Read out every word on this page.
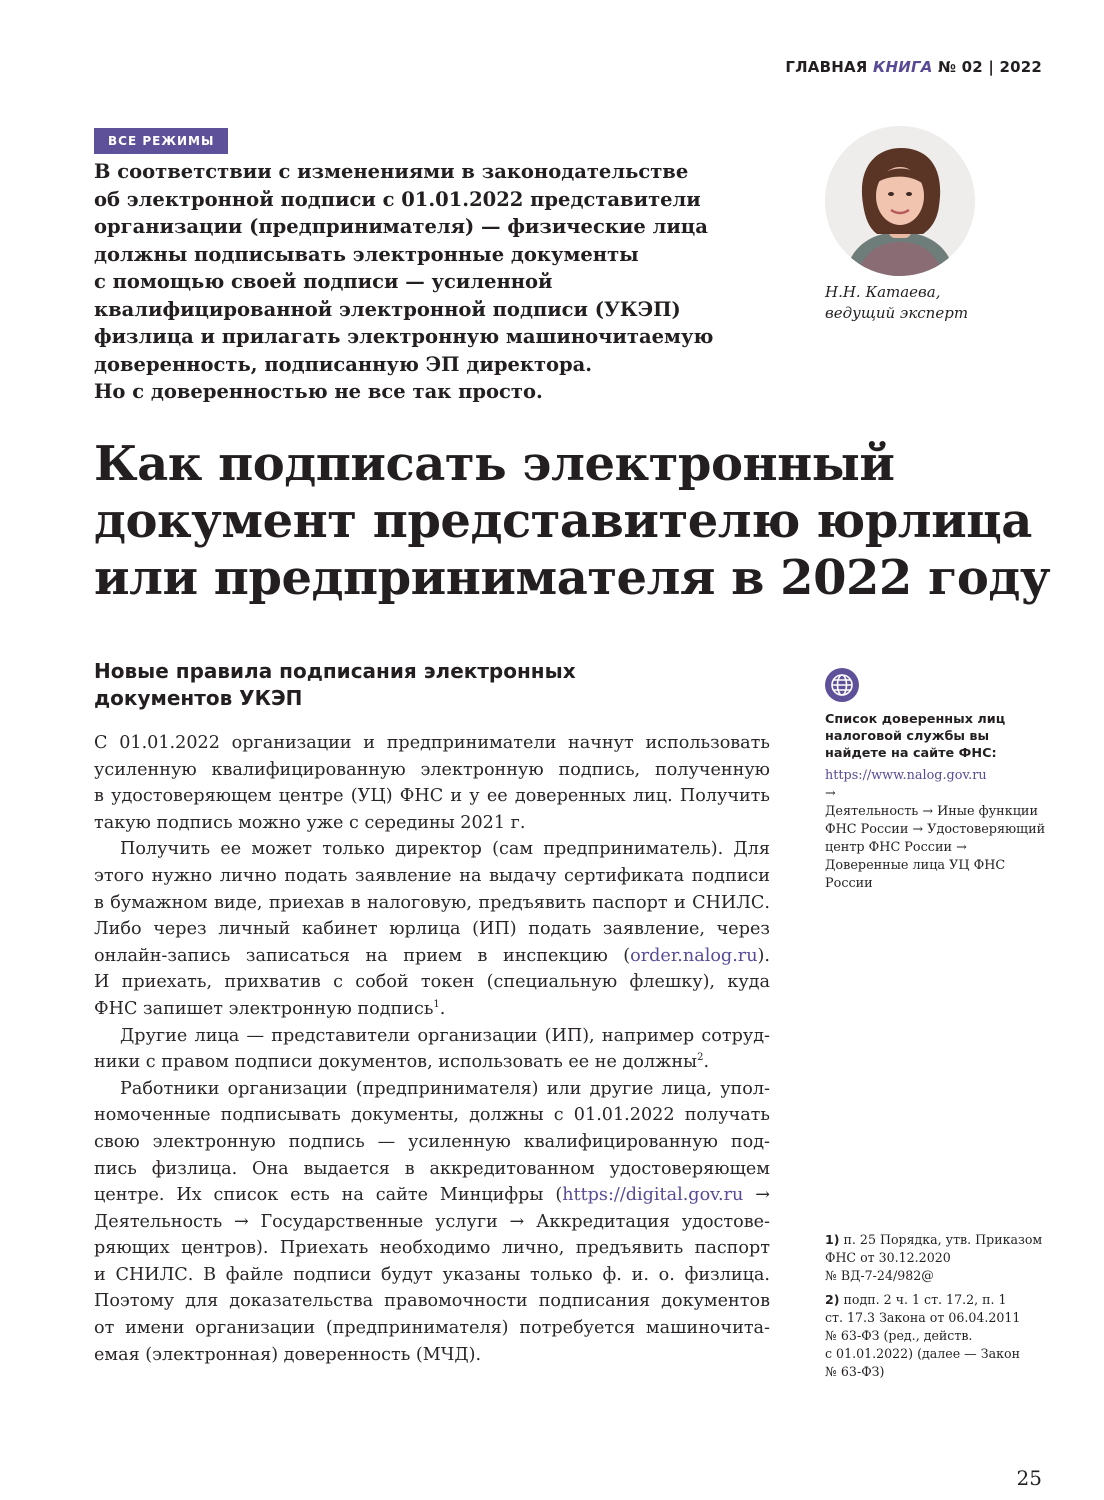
ГЛАВНАЯ КНИГА № 02 | 2022
ВСЕ РЕЖИМЫ
В соответствии с изменениями в законодательстве
об электронной подписи с 01.01.2022 представители
организации (предпринимателя) — физические лица
должны подписывать электронные документы
с помощью своей подписи — усиленной
квалифицированной электронной подписи (УКЭП)
физлица и прилагать электронную машиночитаемую
доверенность, подписанную ЭП директора.
Но с доверенностью не все так просто.
Н.Н. Катаева,
ведущий эксперт
Как подписать электронный
документ представителю юрлица
или предпринимателя в 2022 году
Новые правила подписания электронных
документов УКЭП
С 01.01.2022 организации и предприниматели начнут использовать
усиленную квалифицированную электронную подпись, полученную
в удостоверяющем центре (УЦ) ФНС и у ее доверенных лиц. Получить
такую подпись можно уже с середины 2021 г.
Получить ее может только директор (сам предприниматель). Для
этого нужно лично подать заявление на выдачу сертификата подписи
в бумажном виде, приехав в налоговую, предъявить паспорт и СНИЛС.
Либо через личный кабинет юрлица (ИП) подать заявление, через
онлайн-запись записаться на прием в инспекцию (order.nalog.ru).
И приехать, прихватив с собой токен (специальную флешку), куда
ФНС запишет электронную подпись$^1$.
Другие лица — представители организации (ИП), например сотруд-
ники с правом подписи документов, использовать ее не должны$^2$.
Работники организации (предпринимателя) или другие лица, упол-
номоченные подписывать документы, должны с 01.01.2022 получать
свою электронную подпись — усиленную квалифицированную под-
пись физлица. Она выдается в аккредитованном удостоверяющем
центре. Их список есть на сайте Минцифры (https://digital.gov.ru →
Деятельность → Государственные услуги → Аккредитация удостове-
ряющих центров). Приехать необходимо лично, предъявить паспорт
и СНИЛС. В файле подписи будут указаны только ф. и. о. физлица.
Поэтому для доказательства правомочности подписания документов
от имени организации (предпринимателя) потребуется машиночита-
емая (электронная) доверенность (МЧД).
Список доверенных лиц
налоговой службы вы
найдете на сайте ФНС:
https://www.nalog.gov.ru
→
Деятельность → Иные функции
ФНС России → Удостоверяющий
центр ФНС России →
Доверенные лица УЦ ФНС
России
1) п. 25 Порядка, утв. Приказом
ФНС от 30.12.2020
№ ВД-7-24/982@
2) подп. 2 ч. 1 ст. 17.2, п. 1
ст. 17.3 Закона от 06.04.2011
№ 63-ФЗ (ред., действ.
с 01.01.2022) (далее — Закон
№ 63-ФЗ)
25
